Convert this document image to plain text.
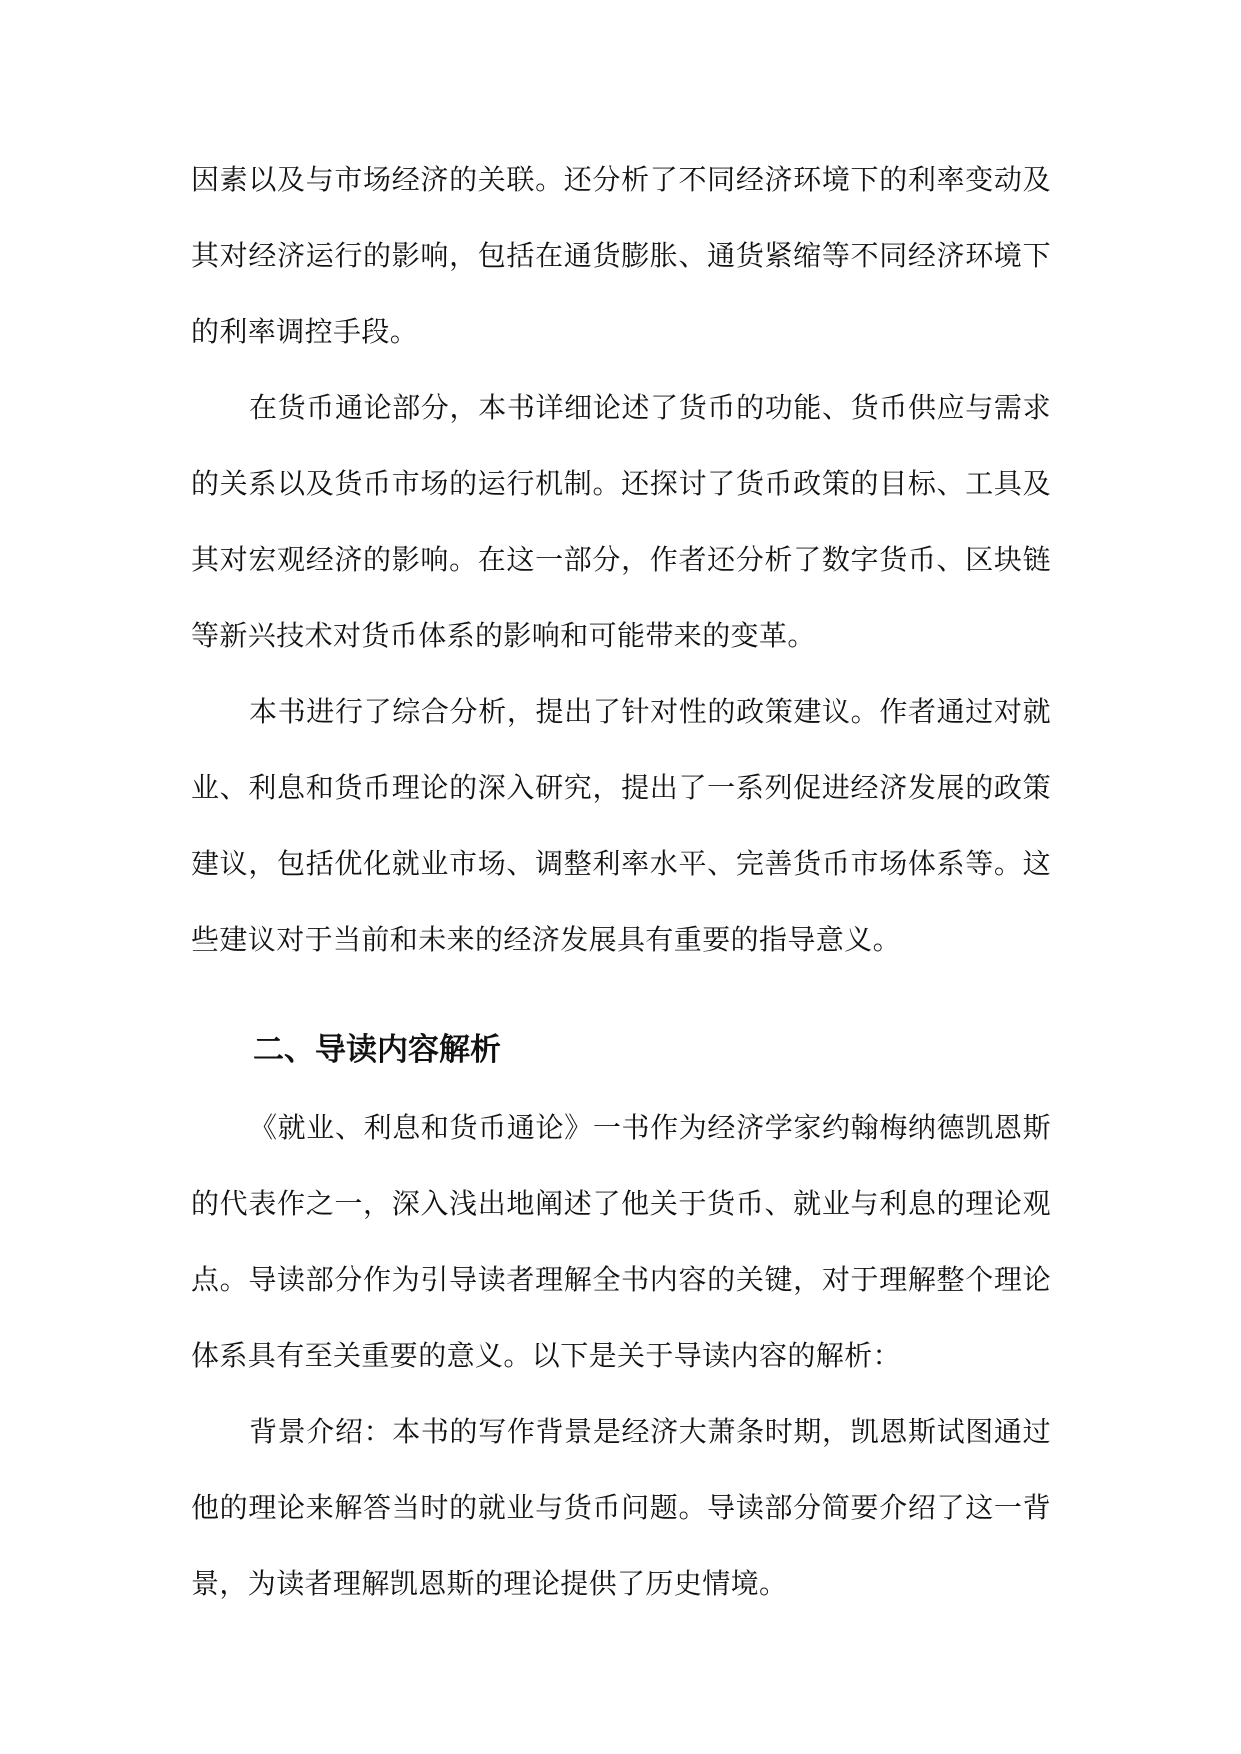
因素以及与市场经济的关联。还分析了不同经济环境下的利率变动及其对经济运行的影响，包括在通货膨胀、通货紧缩等不同经济环境下的利率调控手段。

在货币通论部分，本书详细论述了货币的功能、货币供应与需求的关系以及货币市场的运行机制。还探讨了货币政策的目标、工具及其对宏观经济的影响。在这一部分，作者还分析了数字货币、区块链等新兴技术对货币体系的影响和可能带来的变革。

本书进行了综合分析，提出了针对性的政策建议。作者通过对就业、利息和货币理论的深入研究，提出了一系列促进经济发展的政策建议，包括优化就业市场、调整利率水平、完善货币市场体系等。这些建议对于当前和未来的经济发展具有重要的指导意义。

二、导读内容解析

《就业、利息和货币通论》一书作为经济学家约翰梅纳德凯恩斯的代表作之一，深入浅出地阐述了他关于货币、就业与利息的理论观点。导读部分作为引导读者理解全书内容的关键，对于理解整个理论体系具有至关重要的意义。以下是关于导读内容的解析：

背景介绍：本书的写作背景是经济大萧条时期，凯恩斯试图通过他的理论来解答当时的就业与货币问题。导读部分简要介绍了这一背景，为读者理解凯恩斯的理论提供了历史情境。
